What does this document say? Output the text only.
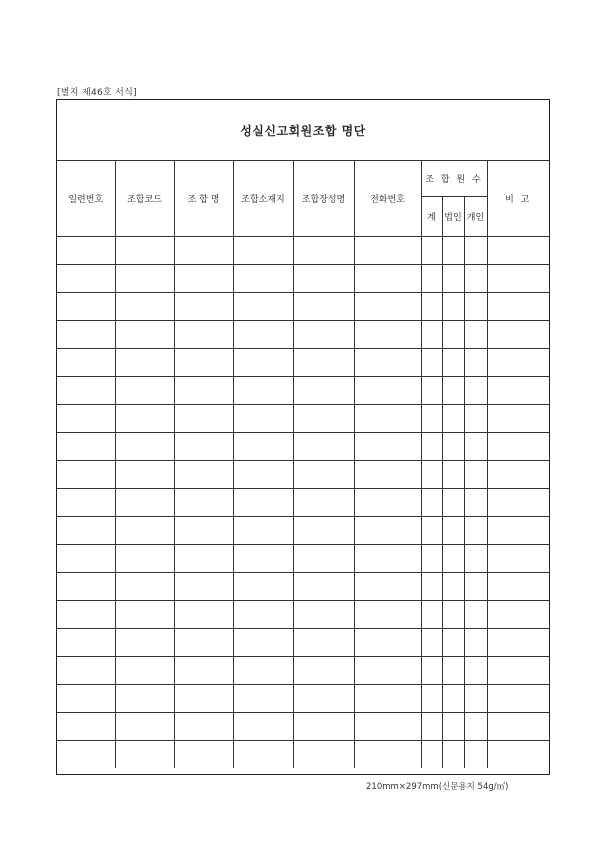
[별지 제46호 서식]
성실신고회원조합 명단
일련번호	조합코드	조 합 명	조합소재지	조합장성명	전화번호	조 합 원 수			비 고
						계	법인	개인	

210mm×297mm(신문용지 54g/㎡)
